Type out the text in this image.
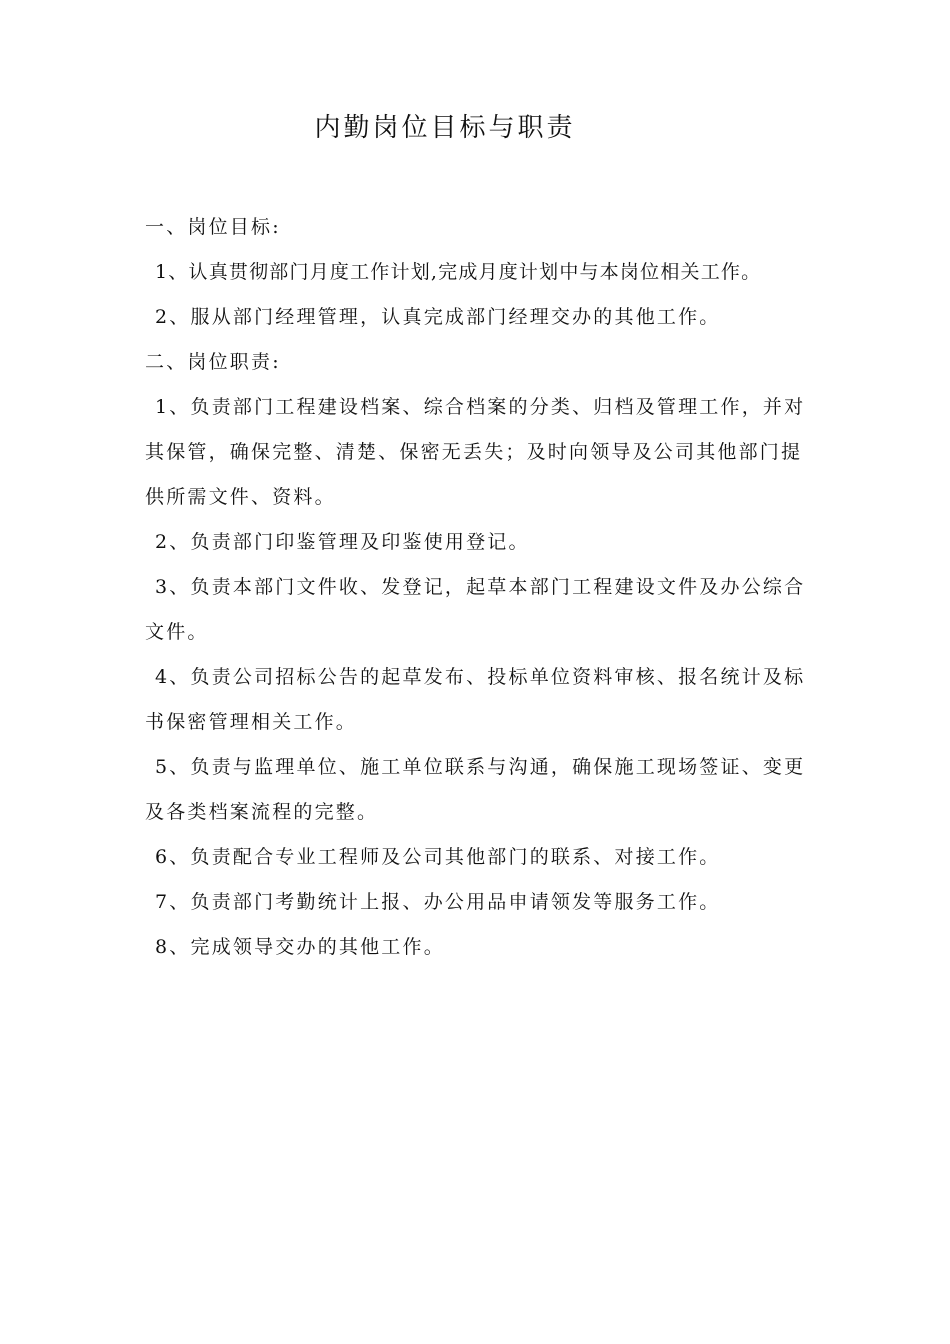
内勤岗位目标与职责

一、岗位目标:

1、认真贯彻部门月度工作计划,完成月度计划中与本岗位相关工作。

2、服从部门经理管理，认真完成部门经理交办的其他工作。

二、岗位职责:

1、负责部门工程建设档案、综合档案的分类、归档及管理工作，并对其保管，确保完整、清楚、保密无丢失；及时向领导及公司其他部门提供所需文件、资料。

2、负责部门印鉴管理及印鉴使用登记。

3、负责本部门文件收、发登记，起草本部门工程建设文件及办公综合文件。

4、负责公司招标公告的起草发布、投标单位资料审核、报名统计及标书保密管理相关工作。

5、负责与监理单位、施工单位联系与沟通，确保施工现场签证、变更及各类档案流程的完整。

6、负责配合专业工程师及公司其他部门的联系、对接工作。

7、负责部门考勤统计上报、办公用品申请领发等服务工作。

8、完成领导交办的其他工作。
